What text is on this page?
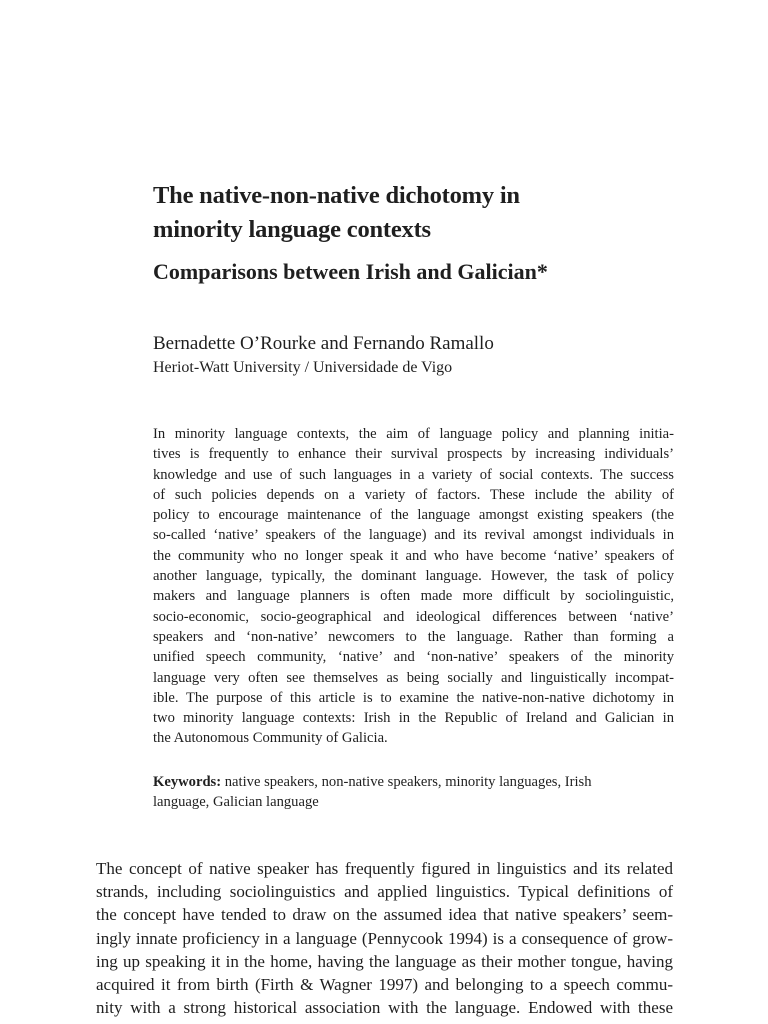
The native-non-native dichotomy in
minority language contexts
Comparisons between Irish and Galician*
Bernadette O’Rourke and Fernando Ramallo
Heriot-Watt University / Universidade de Vigo
In minority language contexts, the aim of language policy and planning initia-
tives is frequently to enhance their survival prospects by increasing individuals’
knowledge and use of such languages in a variety of social contexts. The success
of such policies depends on a variety of factors. These include the ability of
policy to encourage maintenance of the language amongst existing speakers (the
so-called ‘native’ speakers of the language) and its revival amongst individuals in
the community who no longer speak it and who have become ‘native’ speakers of
another language, typically, the dominant language. However, the task of policy
makers and language planners is often made more difficult by sociolinguistic,
socio-economic, socio-geographical and ideological differences between ‘native’
speakers and ‘non-native’ newcomers to the language. Rather than forming a
unified speech community, ‘native’ and ‘non-native’ speakers of the minority
language very often see themselves as being socially and linguistically incompat-
ible. The purpose of this article is to examine the native-non-native dichotomy in
two minority language contexts: Irish in the Republic of Ireland and Galician in
the Autonomous Community of Galicia.
Keywords: native speakers, non-native speakers, minority languages, Irish
language, Galician language
The concept of native speaker has frequently figured in linguistics and its related
strands, including sociolinguistics and applied linguistics. Typical definitions of
the concept have tended to draw on the assumed idea that native speakers’ seem-
ingly innate proficiency in a language (Pennycook 1994) is a consequence of grow-
ing up speaking it in the home, having the language as their mother tongue, having
acquired it from birth (Firth & Wagner 1997) and belonging to a speech commu-
nity with a strong historical association with the language. Endowed with these
